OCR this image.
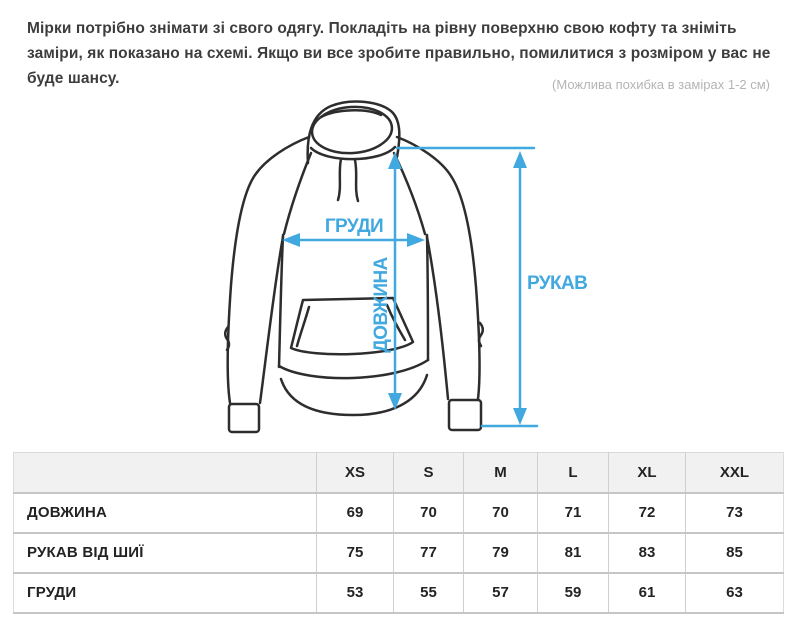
Мірки потрібно знімати зі свого одягу. Покладіть на рівну поверхню свою кофту та зніміть заміри, як показано на схемі. Якщо ви все зробите правильно, помилитися з розміром у вас не буде шансу.	(Можлива похибка в замірах 1-2 см)
ГРУДИ
ДОВЖИНА	РУКАВ
	XS	S	M	L	XL	XXL
ДОВЖИНА	69	70	70	71	72	73
РУКАВ ВІД ШИЇ	75	77	79	81	83	85
ГРУДИ	53	55	57	59	61	63
